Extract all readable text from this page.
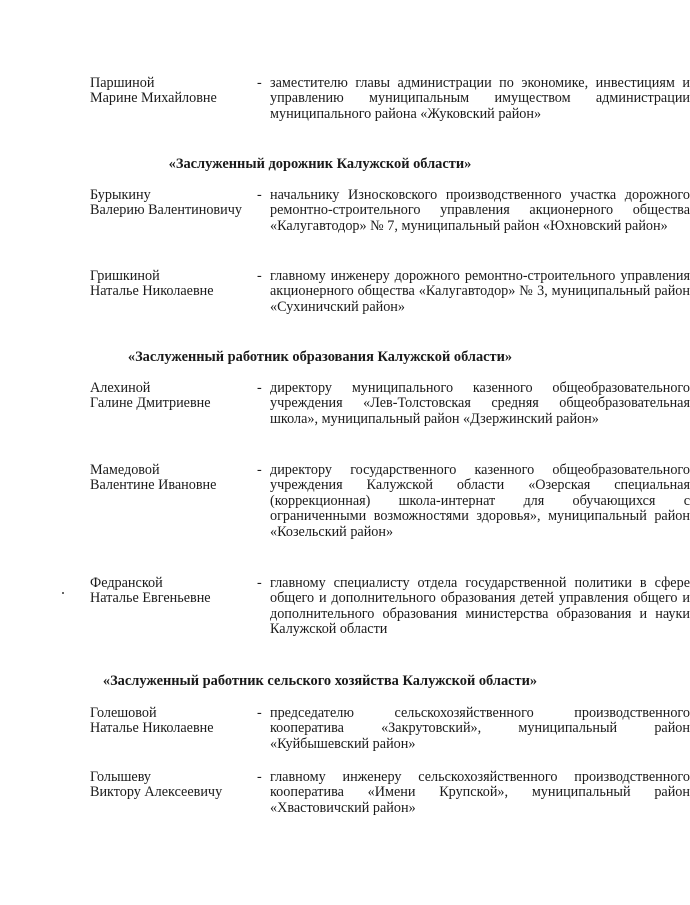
Паршиной
Марине Михайловне
- заместителю главы администрации по экономике, инвестициям и управлению муниципальным имуществом администрации муниципального района «Жуковский район»
«Заслуженный дорожник Калужской области»
Бурыкину
Валерию Валентиновичу
- начальнику Износковского производственного участка дорожного ремонтно-строительного управления акционерного общества «Калугавтодор» № 7, муниципальный район «Юхновский район»
Гришкиной
Наталье Николаевне
- главному инженеру дорожного ремонтно-строительного управления акционерного общества «Калугавтодор» № 3, муниципальный район «Сухиничский район»
«Заслуженный работник образования Калужской области»
Алехиной
Галине Дмитриевне
- директору муниципального казенного общеобразовательного учреждения «Лев-Толстовская средняя общеобразовательная школа», муниципальный район «Дзержинский район»
Мамедовой
Валентине Ивановне
- директору государственного казенного общеобразовательного учреждения Калужской области «Озерская специальная (коррекционная) школа-интернат для обучающихся с ограниченными возможностями здоровья», муниципальный район «Козельский район»
Федранской
Наталье Евгеньевне
- главному специалисту отдела государственной политики в сфере общего и дополнительного образования детей управления общего и дополнительного образования министерства образования и науки Калужской области
«Заслуженный работник сельского хозяйства Калужской области»
Голешовой
Наталье Николаевне
- председателю сельскохозяйственного производственного кооператива «Закрутовский», муниципальный район «Куйбышевский район»
Голышеву
Виктору Алексеевичу
- главному инженеру сельскохозяйственного производственного кооператива «Имени Крупской», муниципальный район «Хвастовичский район»
